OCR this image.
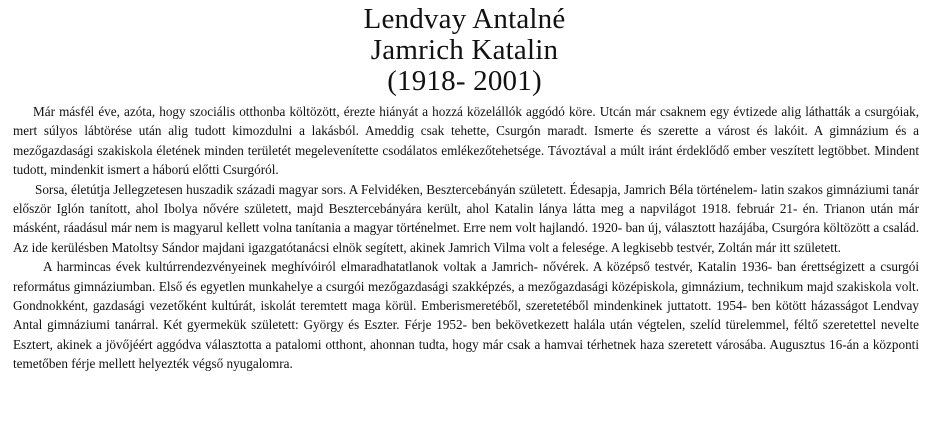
Lendvay Antalné
Jamrich Katalin
(1918- 2001)

Már másfél éve, azóta, hogy szociális otthonba költözött, érezte hiányát a hozzá közelállók aggódó köre. Utcán már csaknem egy évtizede alig láthatták a csurgóiak, mert súlyos lábtörése után alig tudott kimozdulni a lakásból. Ameddig csak tehette, Csurgón maradt. Ismerte és szerette a várost és lakóit. A gimnázium és a mezőgazdasági szakiskola életének minden területét megelevenítette csodálatos emlékezőtehetsége. Távoztával a múlt iránt érdeklődő ember veszített legtöbbet. Mindent tudott, mindenkit ismert a háború előtti Csurgóról.

Sorsa, életútja Jellegzetesen huszadik századi magyar sors. A Felvidéken, Besztercebányán született. Édesapja, Jamrich Béla történelem- latin szakos gimnáziumi tanár először Iglón tanított, ahol Ibolya nővére született, majd Besztercebányára került, ahol Katalin lánya látta meg a napvilágot 1918. február 21- én. Trianon után már másként, ráadásul már nem is magyarul kellett volna tanítania a magyar történelmet. Erre nem volt hajlandó. 1920- ban új, választott hazájába, Csurgóra költözött a család. Az ide kerülésben Matoltsy Sándor majdani igazgatótanácsi elnök segített, akinek Jamrich Vilma volt a felesége. A legkisebb testvér, Zoltán már itt született.

A harmincas évek kultúrrendezvényeinek meghívóiról elmaradhatatlanok voltak a Jamrich- nővérek. A középső testvér, Katalin 1936- ban érettségizett a csurgói református gimnáziumban. Első és egyetlen munkahelye a csurgói mezőgazdasági szakképzés, a mezőgazdasági középiskola, gimnázium, technikum majd szakiskola volt. Gondnokként, gazdasági vezetőként kultúrát, iskolát teremtett maga körül. Emberismeretéből, szeretetéből mindenkinek juttatott. 1954- ben kötött házasságot Lendvay Antal gimnáziumi tanárral. Két gyermekük született: György és Eszter. Férje 1952- ben bekövetkezett halála után végtelen, szelíd türelemmel, féltő szeretettel nevelte Esztert, akinek a jövőjéért aggódva választotta a patalomi otthont, ahonnan tudta, hogy már csak a hamvai térhetnek haza szeretett városába. Augusztus 16-án a központi temetőben férje mellett helyezték végső nyugalomra.
